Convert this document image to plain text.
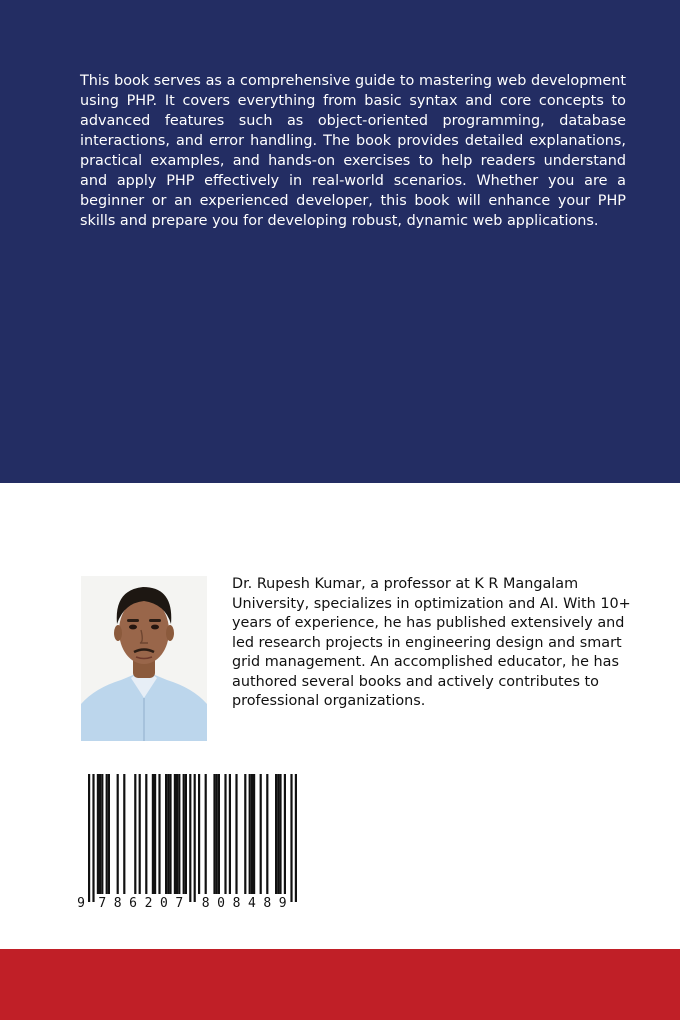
This book serves as a comprehensive guide to mastering web development using PHP. It covers everything from basic syntax and core concepts to advanced features such as object-oriented programming, database interactions, and error handling. The book provides detailed explanations, practical examples, and hands-on exercises to help readers understand and apply PHP effectively in real-world scenarios. Whether you are a beginner or an experienced developer, this book will enhance your PHP skills and prepare you for developing robust, dynamic web applications.

Dr. Rupesh Kumar, a professor at K R Mangalam University, specializes in optimization and AI. With 10+ years of experience, he has published extensively and led research projects in engineering design and smart grid management. An accomplished educator, he has authored several books and actively contributes to professional organizations.

9 7 8 6 2 0 7 8 0 8 4 8 9
